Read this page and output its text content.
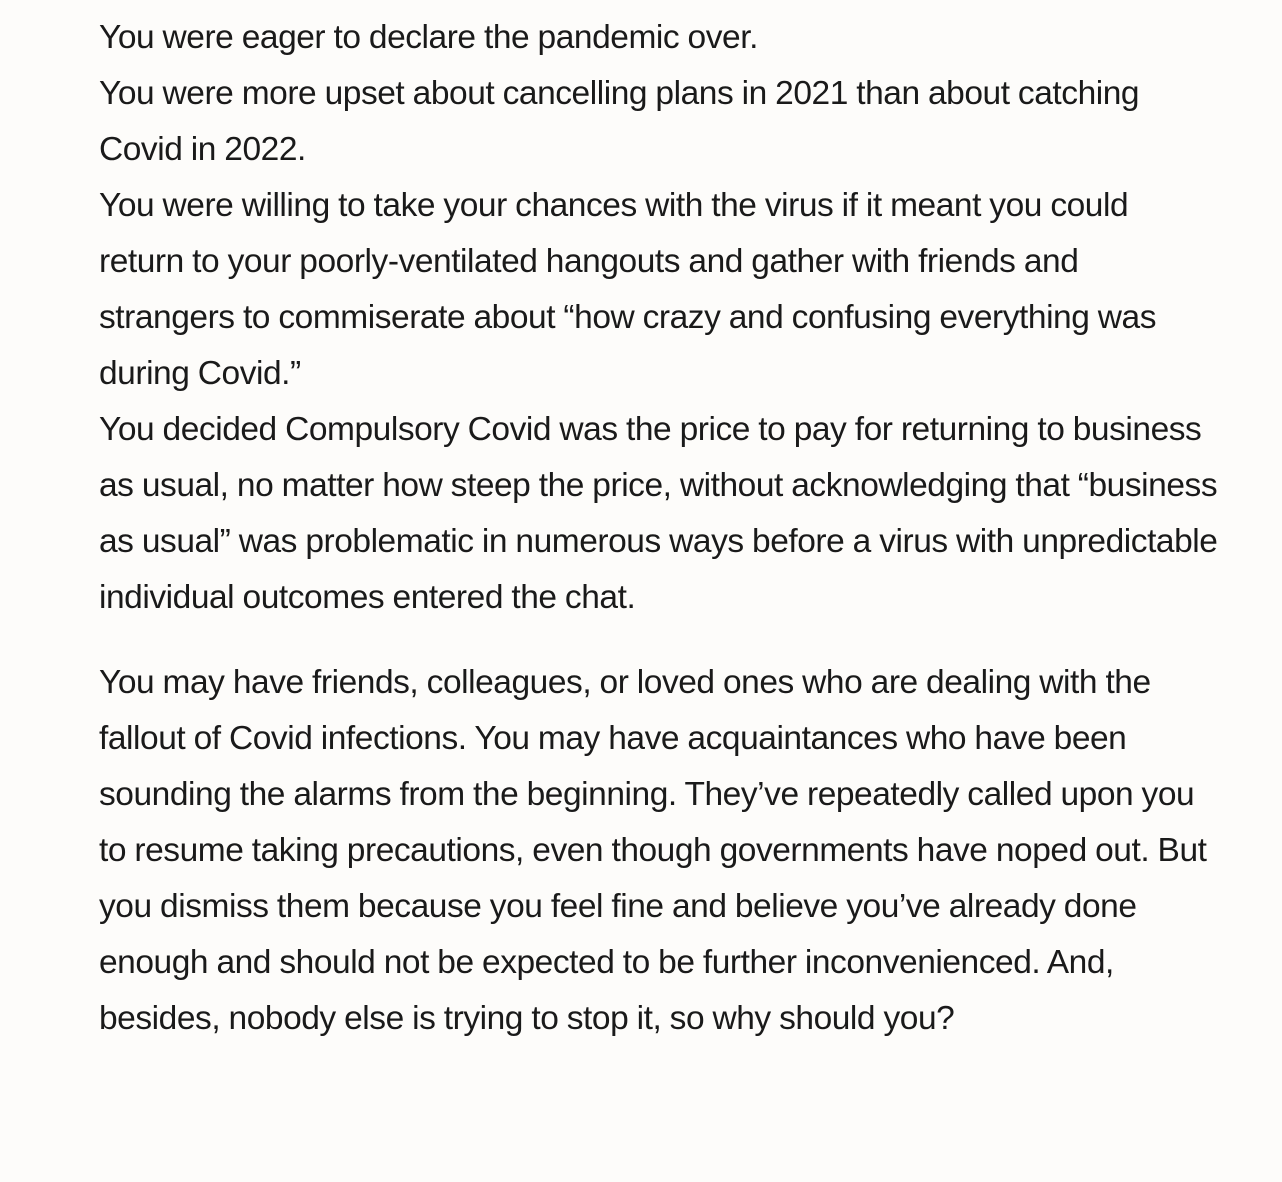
You were eager to declare the pandemic over.

You were more upset about cancelling plans in 2021 than about catching Covid in 2022.

You were willing to take your chances with the virus if it meant you could return to your poorly-ventilated hangouts and gather with friends and strangers to commiserate about “how crazy and confusing everything was during Covid.”

You decided Compulsory Covid was the price to pay for returning to business as usual, no matter how steep the price, without acknowledging that “business as usual” was problematic in numerous ways before a virus with unpredictable individual outcomes entered the chat.

You may have friends, colleagues, or loved ones who are dealing with the fallout of Covid infections. You may have acquaintances who have been sounding the alarms from the beginning. They’ve repeatedly called upon you to resume taking precautions, even though governments have noped out. But you dismiss them because you feel fine and believe you’ve already done enough and should not be expected to be further inconvenienced. And, besides, nobody else is trying to stop it, so why should you?
